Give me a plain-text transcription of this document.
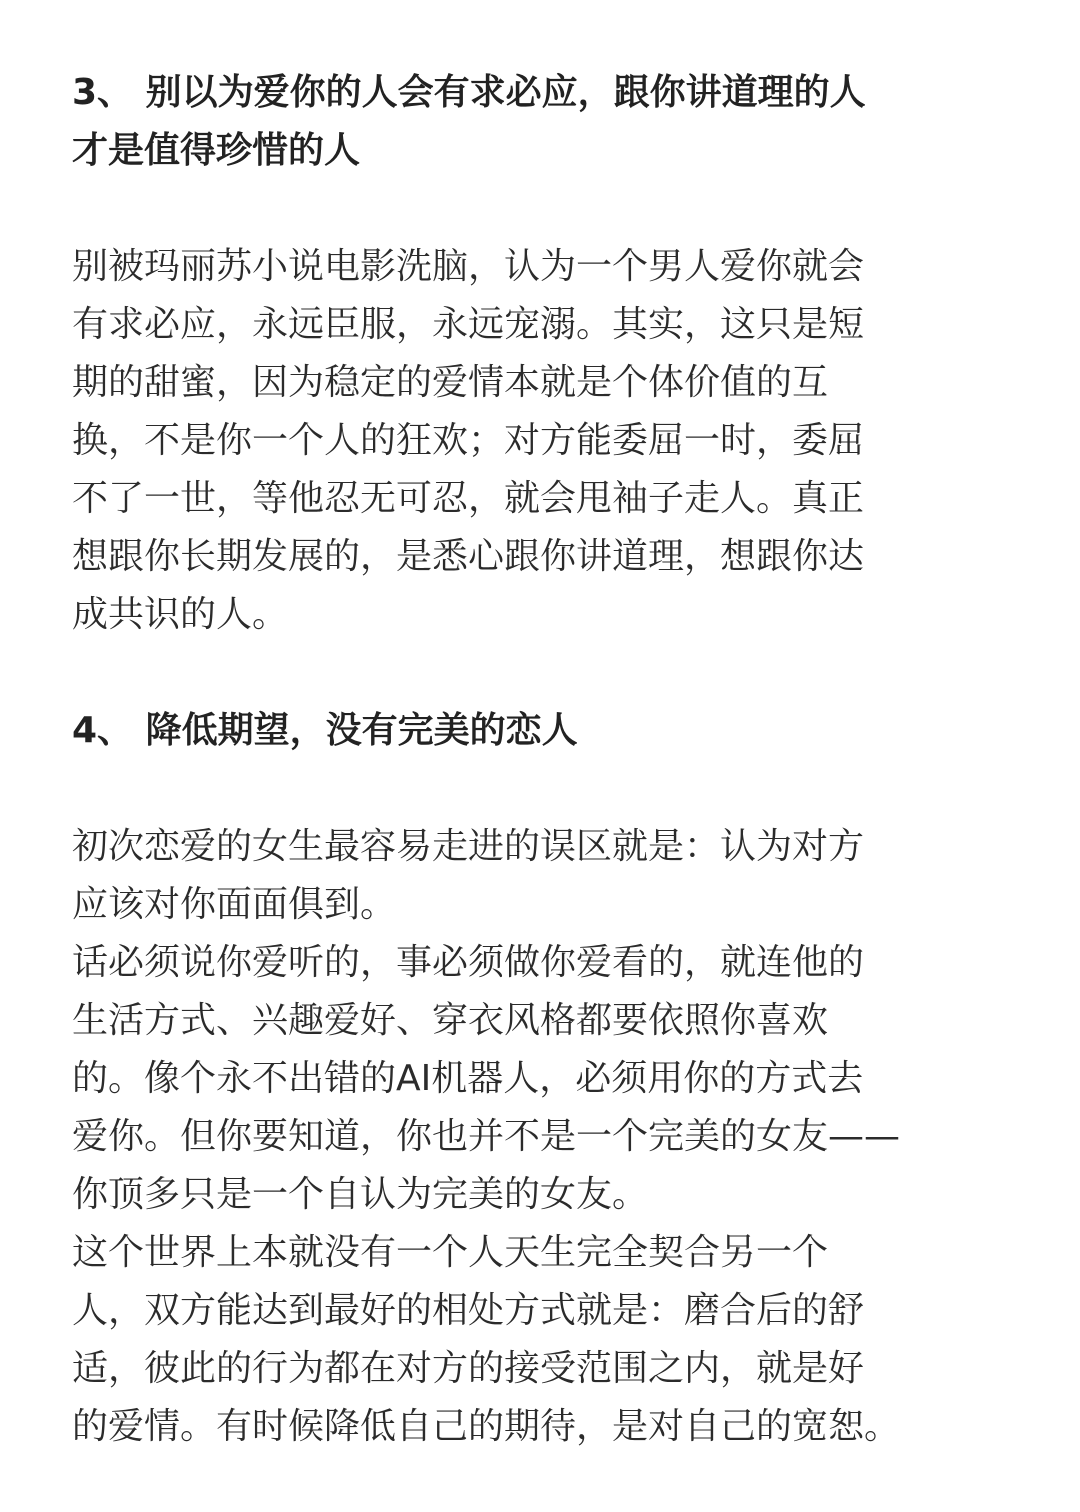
3、 别以为爱你的人会有求必应，跟你讲道理的人
才是值得珍惜的人

别被玛丽苏小说电影洗脑，认为一个男人爱你就会
有求必应，永远臣服，永远宠溺。其实，这只是短
期的甜蜜，因为稳定的爱情本就是个体价值的互
换，不是你一个人的狂欢；对方能委屈一时，委屈
不了一世，等他忍无可忍，就会甩袖子走人。真正
想跟你长期发展的，是悉心跟你讲道理，想跟你达
成共识的人。

4、 降低期望，没有完美的恋人

初次恋爱的女生最容易走进的误区就是：认为对方
应该对你面面俱到。

话必须说你爱听的，事必须做你爱看的，就连他的
生活方式、兴趣爱好、穿衣风格都要依照你喜欢
的。像个永不出错的AI机器人，必须用你的方式去
爱你。但你要知道，你也并不是一个完美的女友——
你顶多只是一个自认为完美的女友。

这个世界上本就没有一个人天生完全契合另一个
人，双方能达到最好的相处方式就是：磨合后的舒
适，彼此的行为都在对方的接受范围之内，就是好
的爱情。有时候降低自己的期待，是对自己的宽恕。
